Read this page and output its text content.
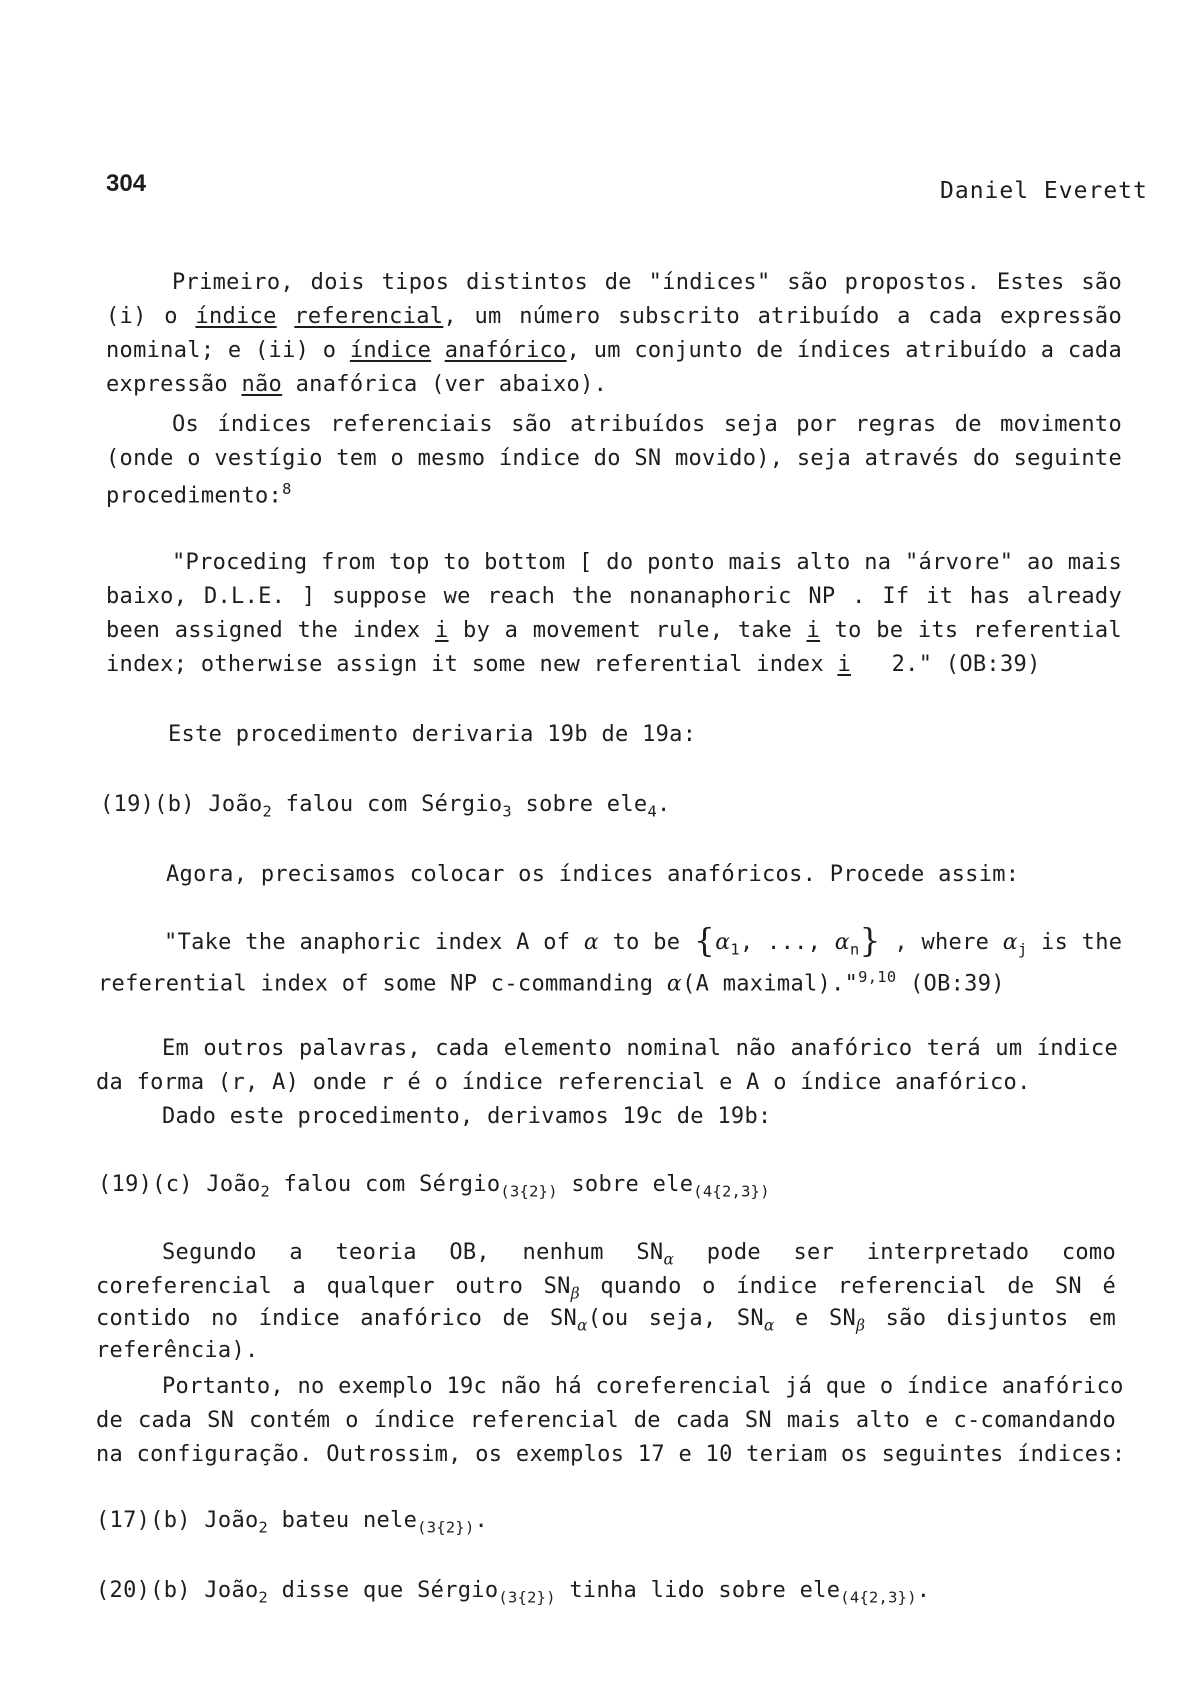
304	Daniel Everett
Primeiro, dois tipos distintos de "índices" são propostos. Estes são
(i) o índice referencial, um número subscrito atribuído a cada expressão
nominal; e (ii) o índice anafórico, um conjunto de índices atribuído a cada
expressão não anafórica (ver abaixo).
Os índices referenciais são atribuídos seja por regras de movimento
(onde o vestígio tem o mesmo índice do SN movido), seja através do seguinte
procedimento:$^8$
"Proceding from top to bottom [ do ponto mais alto na "árvore" ao mais
baixo, D.L.E. ] suppose we reach the nonanaphoric NP . If it has already
been assigned the index i by a movement rule, take i to be its referential
index; otherwise assign it some new referential index i   2." (OB:39)
Este procedimento derivaria 19b de 19a:
(19)(b) João$_2$ falou com Sérgio$_3$ sobre ele$_4$.
Agora, precisamos colocar os índices anafóricos. Procede assim:
"Take the anaphoric index A of α to be {$\alpha_1$, ..., $\alpha_n$} , where $\alpha_j$ is the
referential index of some NP c-commanding α(A maximal)."$^{9,10}$ (OB:39)
Em outros palavras, cada elemento nominal não anafórico terá um índice
da forma (r, A) onde r é o índice referencial e A o índice anafórico.
Dado este procedimento, derivamos 19c de 19b:
(19)(c) João$_2$ falou com Sérgio$_{(3\{2\})}$ sobre ele$_{(4\{2,3\})}$
Segundo a teoria OB, nenhum $SN_\alpha$ pode ser interpretado como
coreferencial a qualquer outro $SN_\beta$ quando o índice referencial de SN é
contido no índice anafórico de $SN_\alpha(ou$ seja, $SN_\alpha$ e $SN_\beta$ são disjuntos em
referência).
Portanto, no exemplo 19c não há coreferencial já que o índice anafórico
de cada SN contém o índice referencial de cada SN mais alto e c-comandando
na configuração. Outrossim, os exemplos 17 e 10 teriam os seguintes índices:
(17)(b) João$_2$ bateu nele$_{(3\{2\})}$.
(20)(b) João$_2$ disse que Sérgio$_{(3\{2\})}$ tinha lido sobre ele$_{(4\{2,3\})}$.
